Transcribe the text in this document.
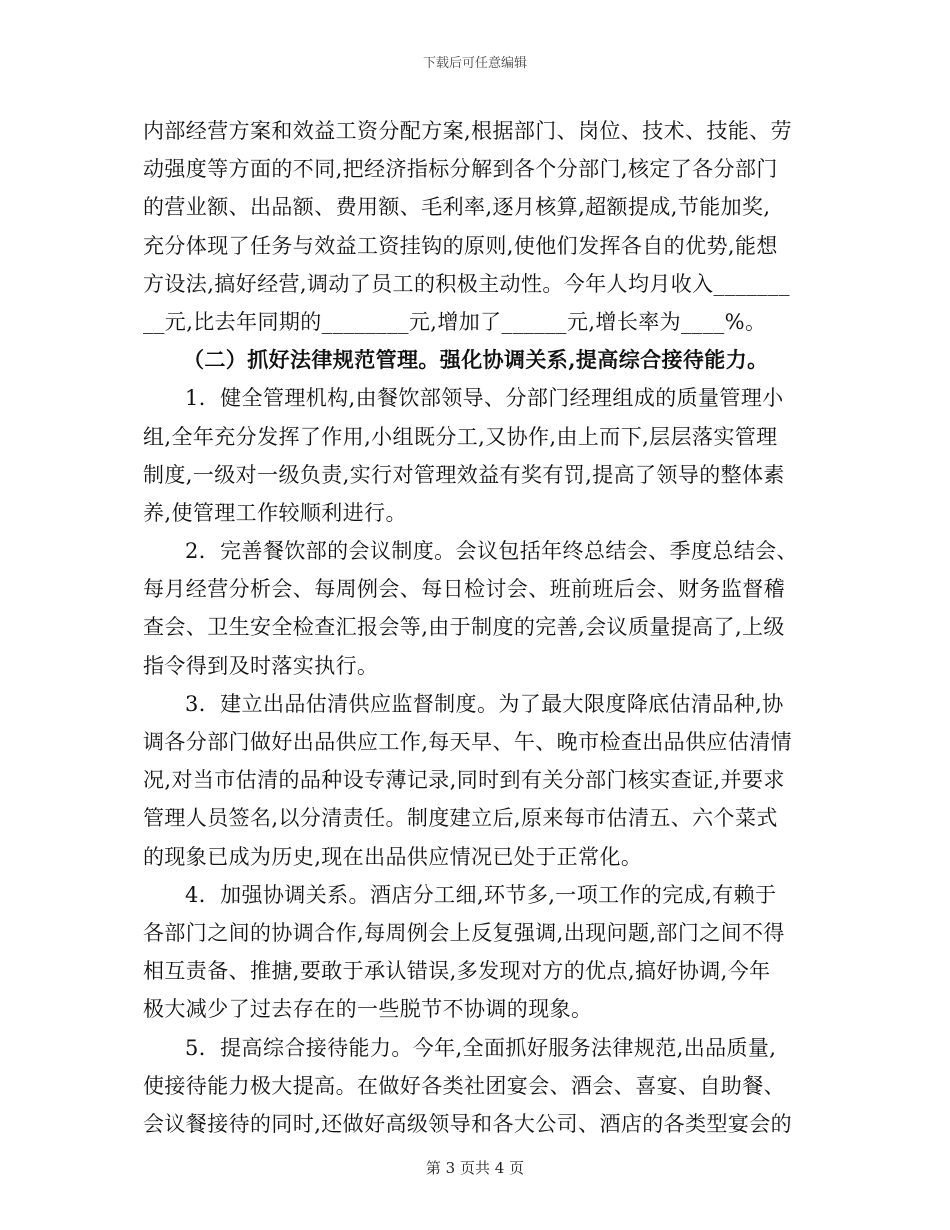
下载后可任意编辑
内部经营方案和效益工资分配方案,根据部门、岗位、技术、技能、劳
动强度等方面的不同,把经济指标分解到各个分部门,核定了各分部门
的营业额、出品额、费用额、毛利率,逐月核算,超额提成,节能加奖,
充分体现了任务与效益工资挂钩的原则,使他们发挥各自的优势,能想
方设法,搞好经营,调动了员工的积极主动性。今年人均月收入_______
__元,比去年同期的________元,增加了______元,增长率为____%。
（二）抓好法律规范管理。强化协调关系,提高综合接待能力。
1．健全管理机构,由餐饮部领导、分部门经理组成的质量管理小
组,全年充分发挥了作用,小组既分工,又协作,由上而下,层层落实管理
制度,一级对一级负责,实行对管理效益有奖有罚,提高了领导的整体素
养,使管理工作较顺利进行。
2．完善餐饮部的会议制度。会议包括年终总结会、季度总结会、
每月经营分析会、每周例会、每日检讨会、班前班后会、财务监督稽
查会、卫生安全检查汇报会等,由于制度的完善,会议质量提高了,上级
指令得到及时落实执行。
3．建立出品估清供应监督制度。为了最大限度降底估清品种,协
调各分部门做好出品供应工作,每天早、午、晚市检查出品供应估清情
况,对当市估清的品种设专薄记录,同时到有关分部门核实查证,并要求
管理人员签名,以分清责任。制度建立后,原来每市估清五、六个菜式
的现象已成为历史,现在出品供应情况已处于正常化。
4．加强协调关系。酒店分工细,环节多,一项工作的完成,有赖于
各部门之间的协调合作,每周例会上反复强调,出现问题,部门之间不得
相互责备、推搪,要敢于承认错误,多发现对方的优点,搞好协调,今年
极大减少了过去存在的一些脱节不协调的现象。
5．提高综合接待能力。今年,全面抓好服务法律规范,出品质量,
使接待能力极大提高。在做好各类社团宴会、酒会、喜宴、自助餐、
会议餐接待的同时,还做好高级领导和各大公司、酒店的各类型宴会的
第 3 页共 4 页
